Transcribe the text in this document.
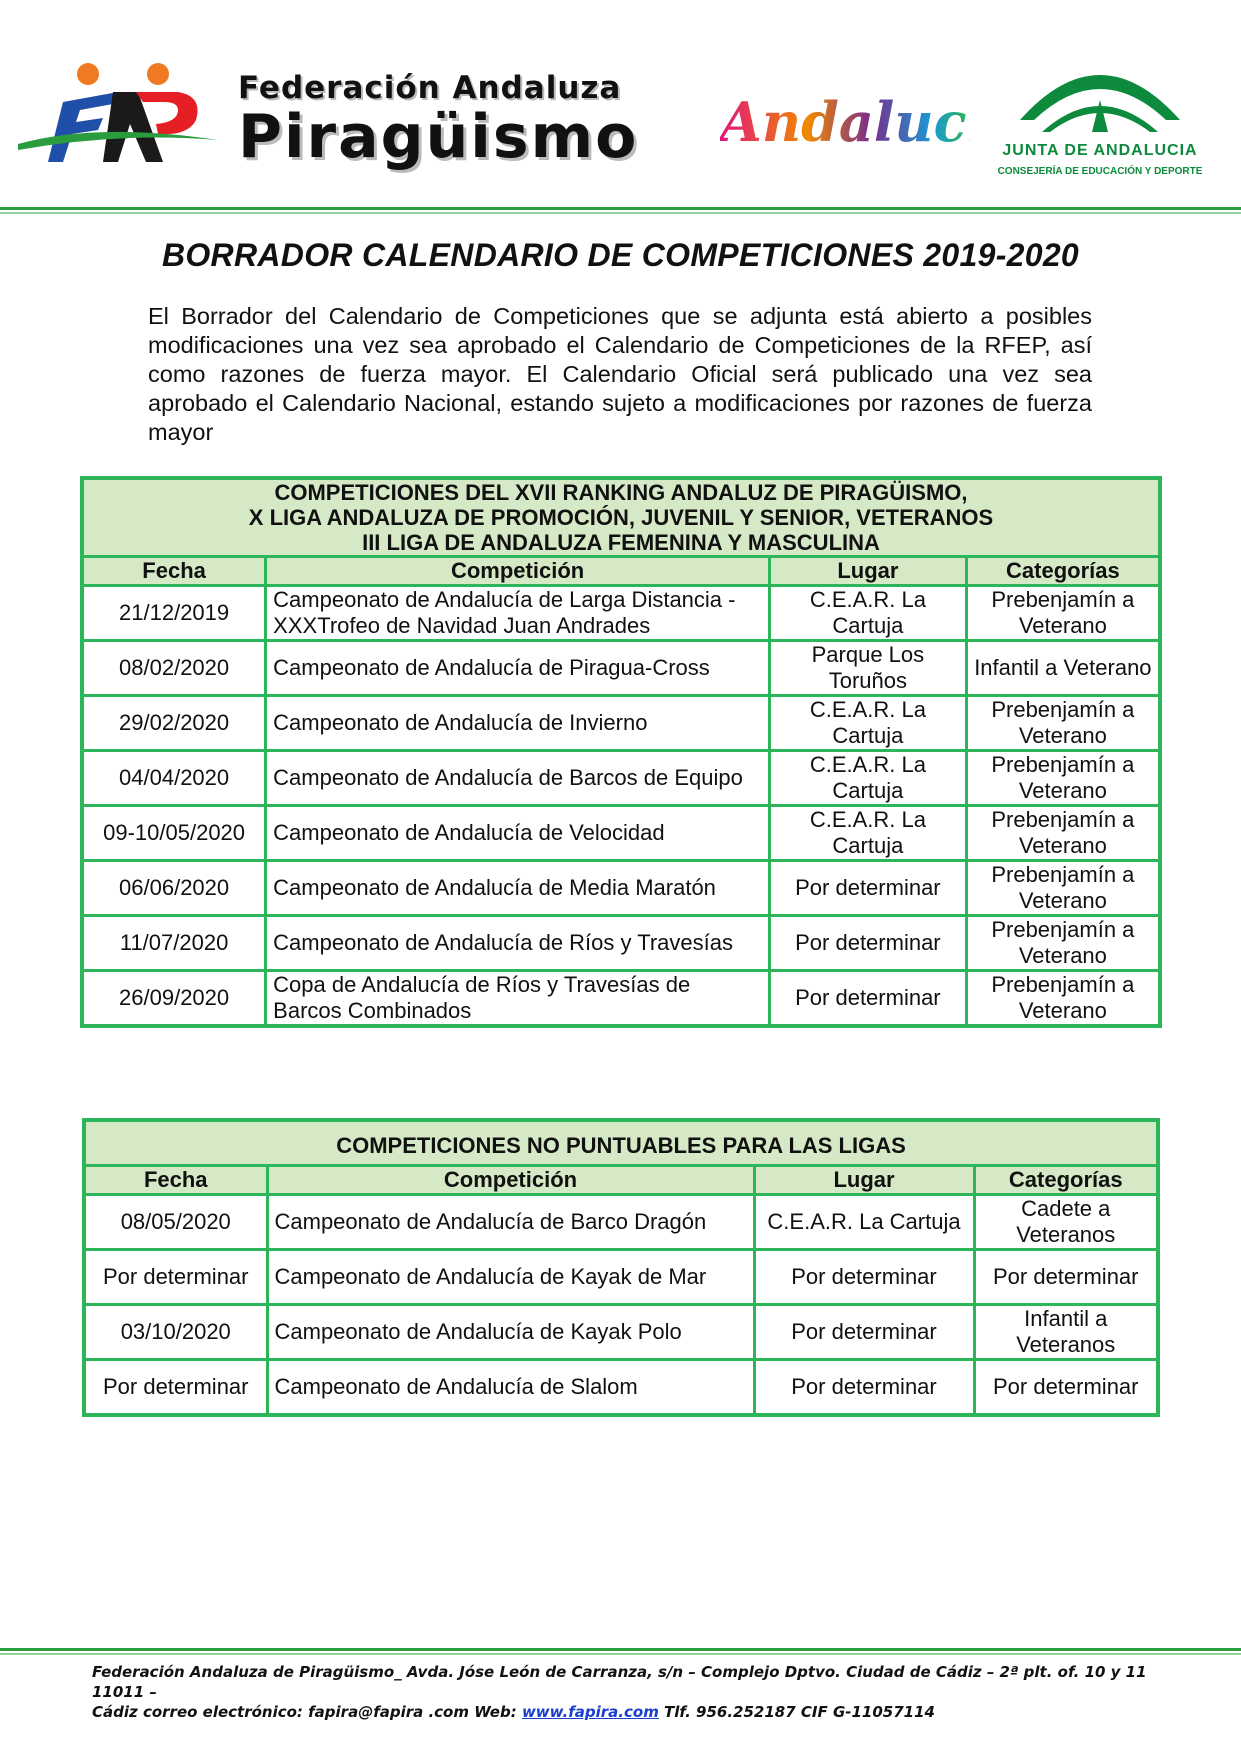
Federación Andaluza
Piragüismo Andalucía
JUNTA DE ANDALUCIA
CONSEJERÍA DE EDUCACIÓN Y DEPORTE
BORRADOR CALENDARIO DE COMPETICIONES 2019-2020
El Borrador del Calendario de Competiciones que se adjunta está abierto a posibles modificaciones una vez sea aprobado el Calendario de Competiciones de la RFEP, así como razones de fuerza mayor. El Calendario Oficial será publicado una vez sea aprobado el Calendario Nacional, estando sujeto a modificaciones por razones de fuerza mayor
COMPETICIONES DEL XVII RANKING ANDALUZ DE PIRAGÜISMO,
X LIGA ANDALUZA DE PROMOCIÓN, JUVENIL Y SENIOR, VETERANOS
III LIGA DE ANDALUZA FEMENINA Y MASCULINA			

Fecha	Competición	Lugar	Categorías
21/12/2019	Campeonato de Andalucía de Larga Distancia - XXXTrofeo de Navidad Juan Andrades	C.E.A.R. La Cartuja	Prebenjamín a Veterano
08/02/2020	Campeonato de Andalucía de Piragua-Cross	Parque Los Toruños	Infantil a Veterano
29/02/2020	Campeonato de Andalucía de Invierno	C.E.A.R. La Cartuja	Prebenjamín a Veterano
04/04/2020	Campeonato de Andalucía de Barcos de Equipo	C.E.A.R. La Cartuja	Prebenjamín a Veterano
09-10/05/2020	Campeonato de Andalucía de Velocidad	C.E.A.R. La Cartuja	Prebenjamín a Veterano
06/06/2020	Campeonato de Andalucía de Media Maratón	Por determinar	Prebenjamín a Veterano
11/07/2020	Campeonato de Andalucía de Ríos y Travesías	Por determinar	Prebenjamín a Veterano
26/09/2020	Copa de Andalucía de Ríos y Travesías de Barcos Combinados	Por determinar	Prebenjamín a Veterano
COMPETICIONES NO PUNTUABLES PARA LAS LIGAS			

Fecha	Competición	Lugar	Categorías
08/05/2020	Campeonato de Andalucía de Barco Dragón	C.E.A.R. La Cartuja	Cadete a Veteranos
Por determinar	Campeonato de Andalucía de Kayak de Mar	Por determinar	Por determinar
03/10/2020	Campeonato de Andalucía de Kayak Polo	Por determinar	Infantil a Veteranos
Por determinar	Campeonato de Andalucía de Slalom	Por determinar	Por determinar
Federación Andaluza de Piragüismo_ Avda. Jóse León de Carranza, s/n – Complejo Dptvo. Ciudad de Cádiz – 2ª plt. of. 10 y 11 11011 –
Cádiz correo electrónico: fapira@fapira .com Web: www.fapira.com Tlf. 956.252187 CIF G-11057114
